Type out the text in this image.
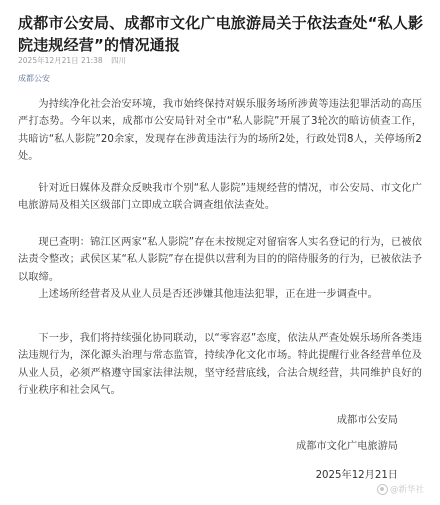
成都市公安局、成都市文化广电旅游局关于依法查处“私人影院违规经营”的情况通报
2025年12月21日 21:38 四川
成都公安

为持续净化社会治安环境，我市始终保持对娱乐服务场所涉黄等违法犯罪活动的高压严打态势。今年以来，成都市公安局针对全市“私人影院”开展了3轮次的暗访侦查工作，共暗访“私人影院”20余家，发现存在涉黄违法行为的场所2处，行政处罚8人，关停场所2处。

针对近日媒体及群众反映我市个别“私人影院”违规经营的情况，市公安局、市文化广电旅游局及相关区级部门立即成立联合调查组依法查处。

现已查明：锦江区两家“私人影院”存在未按规定对留宿客人实名登记的行为，已被依法责令整改；武侯区某“私人影院”存在提供以营利为目的的陪侍服务的行为，已被依法予以取缔。

上述场所经营者及从业人员是否还涉嫌其他违法犯罪，正在进一步调查中。

下一步，我们将持续强化协同联动，以“零容忍”态度，依法从严查处娱乐场所各类违法违规行为，深化源头治理与常态监管，持续净化文化市场。特此提醒行业各经营单位及从业人员，必须严格遵守国家法律法规，坚守经营底线，合法合规经营，共同维护良好的行业秩序和社会风气。

成都市公安局
成都市文化广电旅游局
2025年12月21日
@新华社
